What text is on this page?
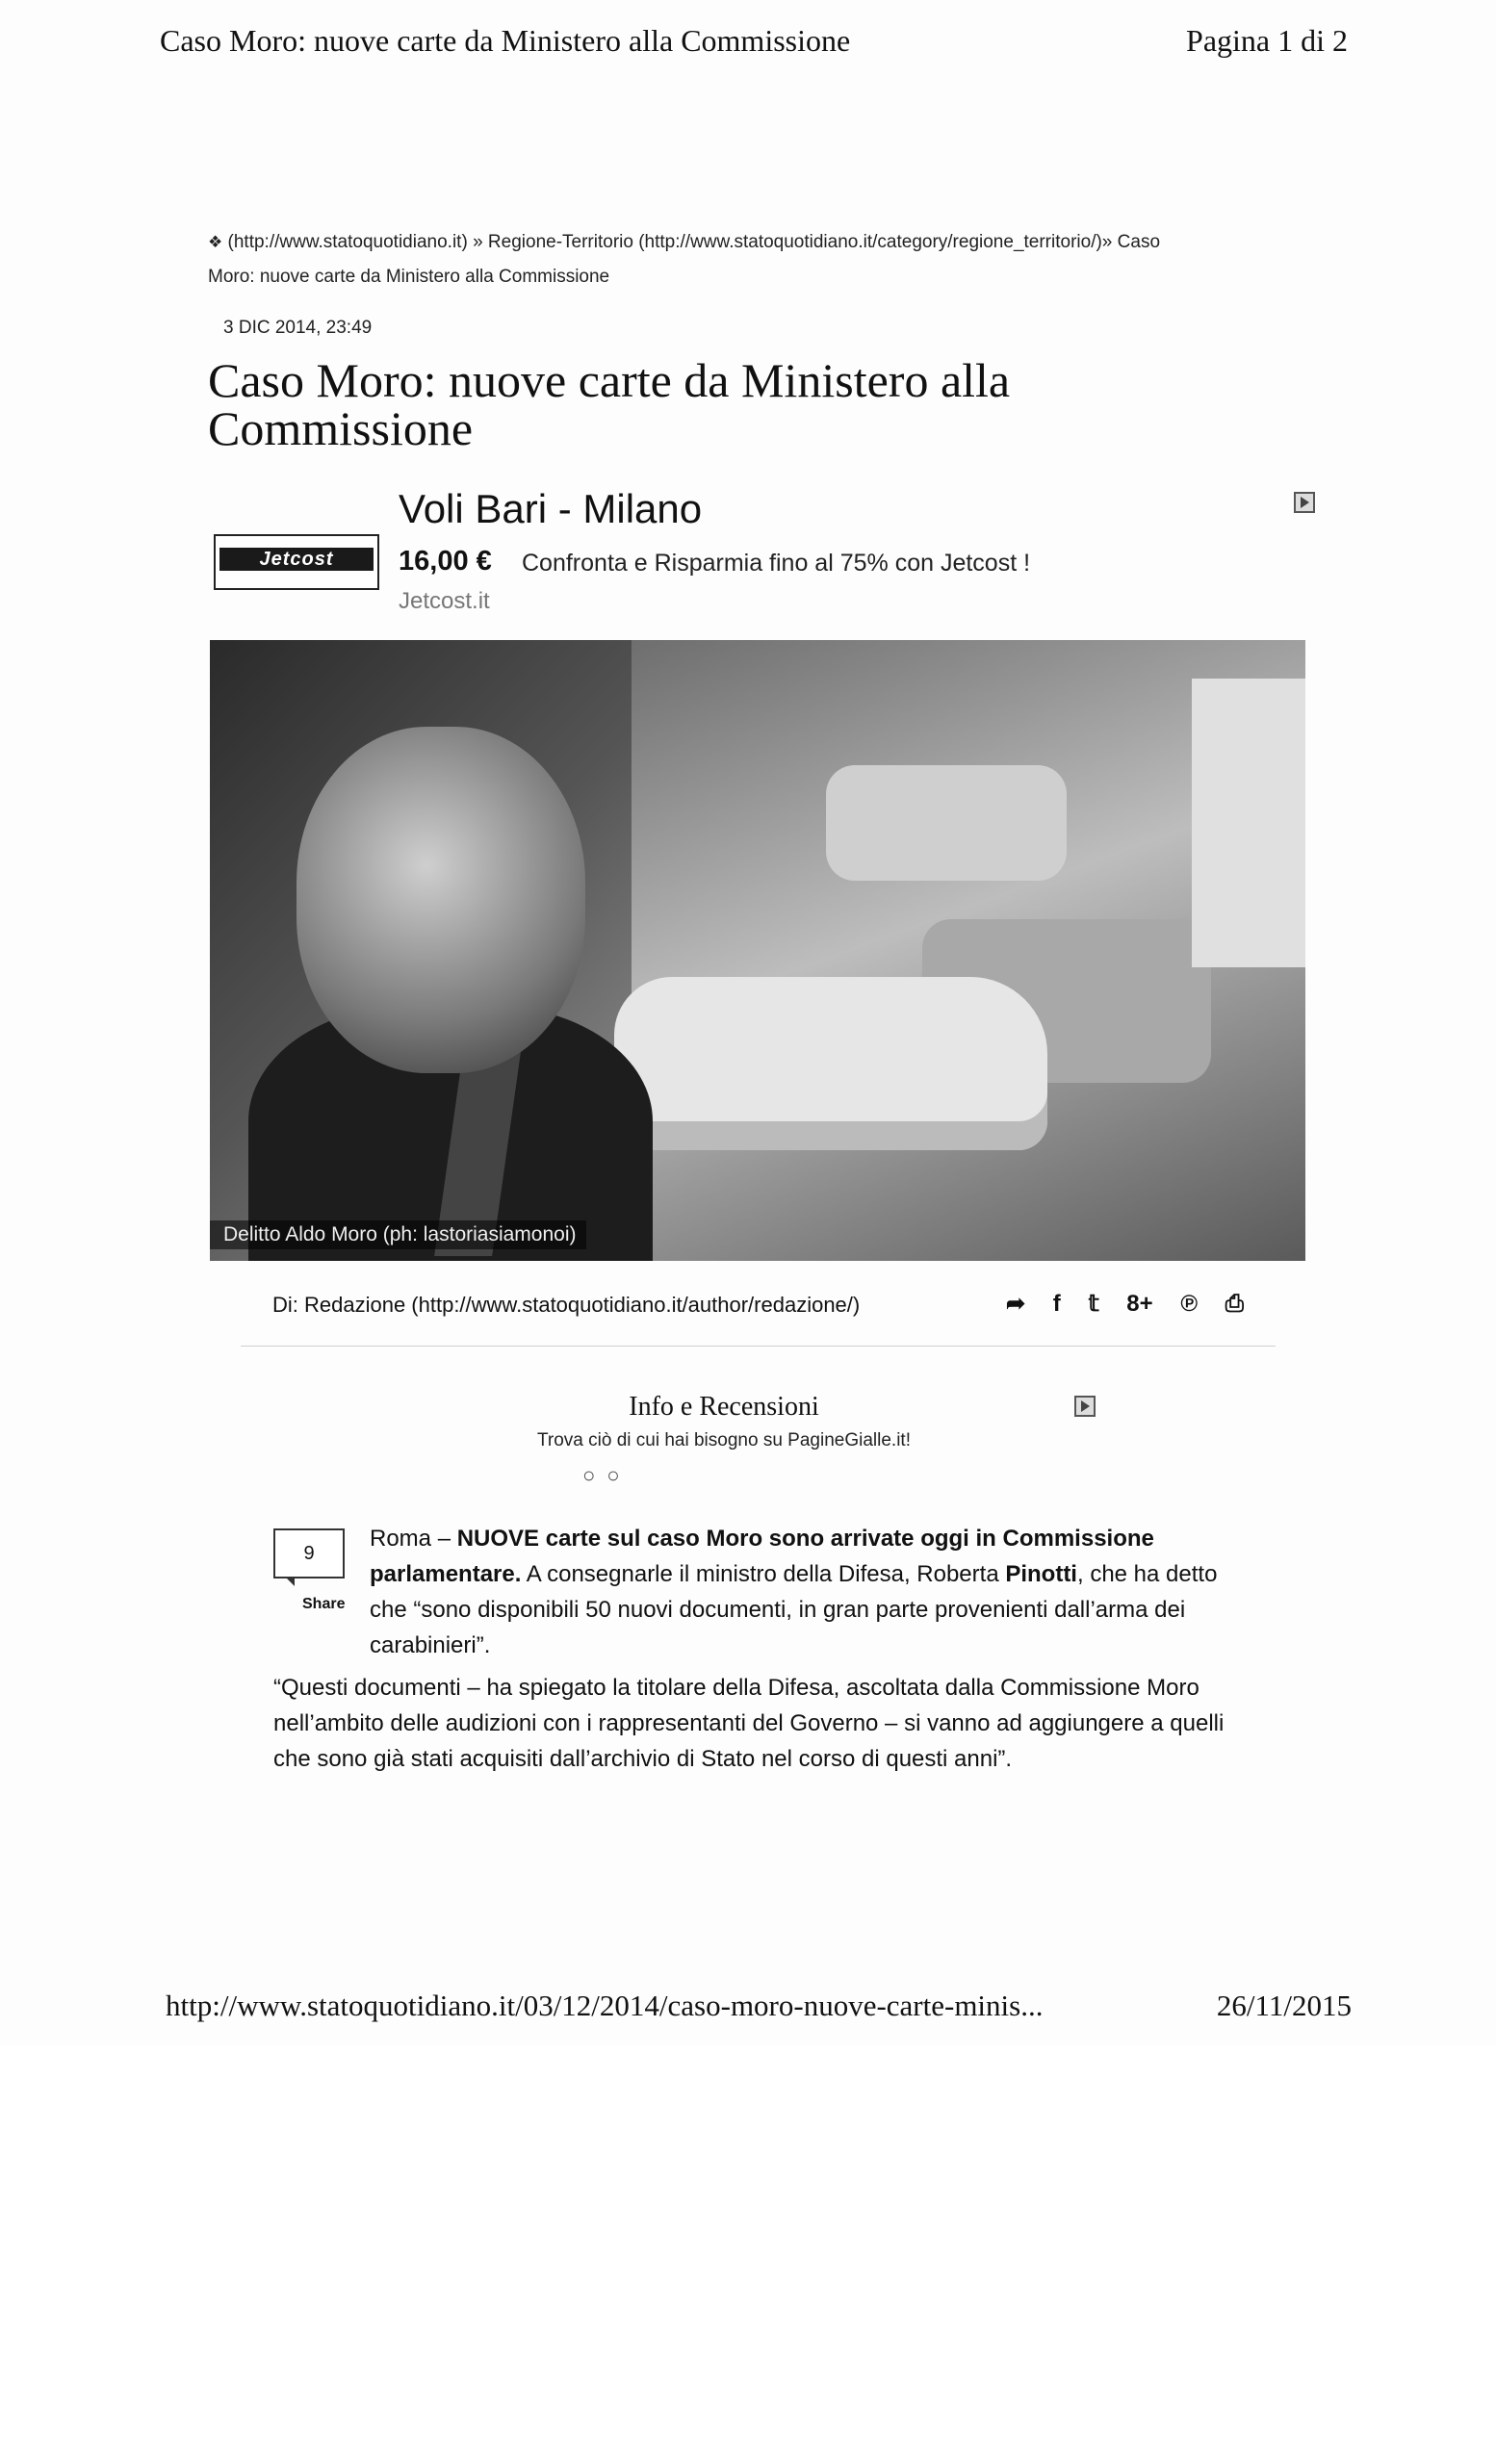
Caso Moro: nuove carte da Ministero alla Commissione	Pagina 1 di 2
❖ (http://www.statoquotidiano.it) » Regione-Territorio (http://www.statoquotidiano.it/category/regione_territorio/)» Caso
Moro: nuove carte da Ministero alla Commissione
3 DIC 2014, 23:49
Caso Moro: nuove carte da Ministero alla Commissione
Jetcost
Voli Bari - Milano
16,00 € Confronta e Risparmia fino al 75% con Jetcost !
Jetcost.it
Delitto Aldo Moro (ph: lastoriasiamonoi)
Di: Redazione (http://www.statoquotidiano.it/author/redazione/)	➦ f 𝕥 8+ ℗ ⎙
Info e Recensioni
Trova ciò di cui hai bisogno su PagineGialle.it!
○○
9
Share
Roma – NUOVE carte sul caso Moro sono arrivate oggi in Commissione parlamentare. A consegnarle il ministro della Difesa, Roberta Pinotti, che ha detto che “sono disponibili 50 nuovi documenti, in gran parte provenienti dall’arma dei carabinieri”.
“Questi documenti – ha spiegato la titolare della Difesa, ascoltata dalla Commissione Moro nell’ambito delle audizioni con i rappresentanti del Governo – si vanno ad aggiungere a quelli che sono già stati acquisiti dall’archivio di Stato nel corso di questi anni”.
http://www.statoquotidiano.it/03/12/2014/caso-moro-nuove-carte-minis...	26/11/2015
